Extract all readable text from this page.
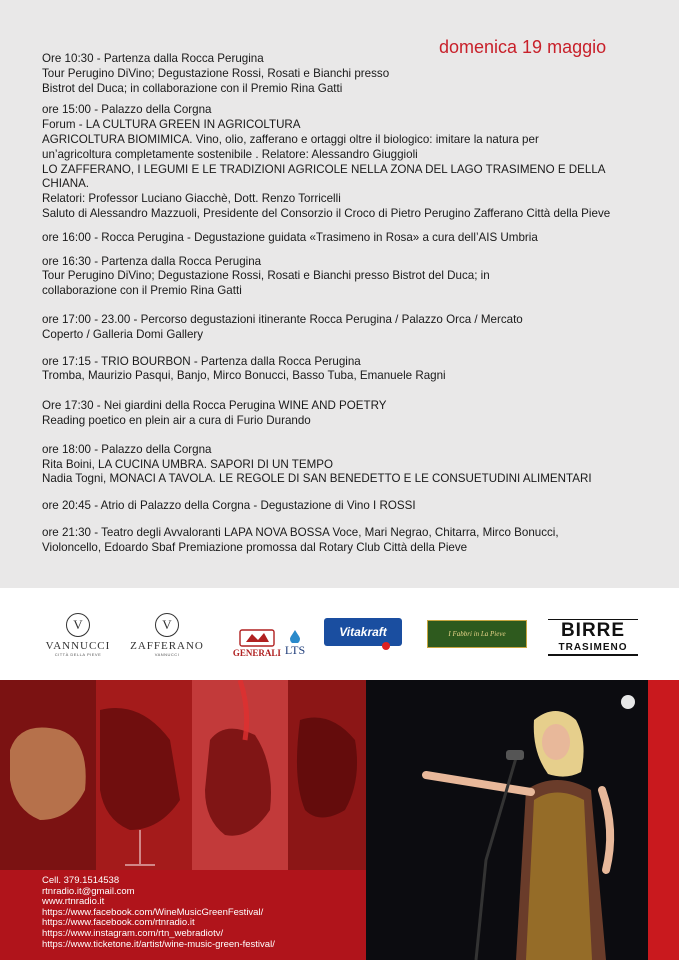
domenica 19 maggio

Ore 10:30 - Partenza dalla Rocca Perugina

Tour Perugino DiVino; Degustazione Rossi, Rosati e Bianchi presso

Bistrot del Duca; in collaborazione con il Premio Rina Gatti

ore 15:00 - Palazzo della Corgna

Forum - LA CULTURA GREEN IN AGRICOLTURA

AGRICOLTURA BIOMIMICA. Vino, olio, zafferano e ortaggi oltre il biologico: imitare la natura per

un’agricoltura completamente sostenibile . Relatore: Alessandro Giuggioli

LO ZAFFERANO, I LEGUMI E LE TRADIZIONI AGRICOLE NELLA ZONA DEL LAGO TRASIMENO E DELLA

CHIANA.

Relatori: Professor Luciano Giacchè, Dott. Renzo Torricelli

Saluto di Alessandro Mazzuoli, Presidente del Consorzio il Croco di Pietro Perugino Zafferano Città della Pieve

ore 16:00 - Rocca Perugina - Degustazione guidata «Trasimeno in Rosa» a cura dell’AIS Umbria

ore 16:30 - Partenza dalla Rocca Perugina

Tour Perugino DiVino; Degustazione Rossi, Rosati e Bianchi presso Bistrot del Duca; in

collaborazione con il Premio Rina Gatti

ore 17:00 - 23.00 - Percorso degustazioni itinerante Rocca Perugina / Palazzo Orca / Mercato

Coperto / Galleria Domi Gallery

ore 17:15 - TRIO BOURBON - Partenza dalla Rocca Perugina

Tromba, Maurizio Pasqui, Banjo, Mirco Bonucci, Basso Tuba, Emanuele Ragni

Ore 17:30 - Nei giardini della Rocca Perugina WINE AND POETRY

Reading poetico en plein air a cura di Furio Durando

ore 18:00 - Palazzo della Corgna

Rita Boini, LA CUCINA UMBRA. SAPORI DI UN TEMPO

Nadia Togni, MONACI A TAVOLA. LE REGOLE DI SAN BENEDETTO E LE CONSUETUDINI ALIMENTARI

ore 20:45 - Atrio di Palazzo della Corgna - Degustazione di Vino I ROSSI

ore 21:30 - Teatro degli Avvaloranti LAPA NOVA BOSSA Voce, Mari Negrao, Chitarra, Mirco Bonucci,

Violoncello, Edoardo Sbaf Premiazione promossa dal Rotary Club Città della Pieve

V
VANNUCCI
CITTÀ DELLA PIEVE
V
ZAFFERANO
VANNUCCI	GENERALI LTS
Vitakraft	I Fabbri in La Pieve	BIRRE
TRASIMENO
Cell. 379.1514538
rtnradio.it@gmail.com
www.rtnradio.it
https://www.facebook.com/WineMusicGreenFestival/
https://www.facebook.com/rtnradio.it
https://www.instagram.com/rtn_webradiotv/
https://www.ticketone.it/artist/wine-music-green-festival/
